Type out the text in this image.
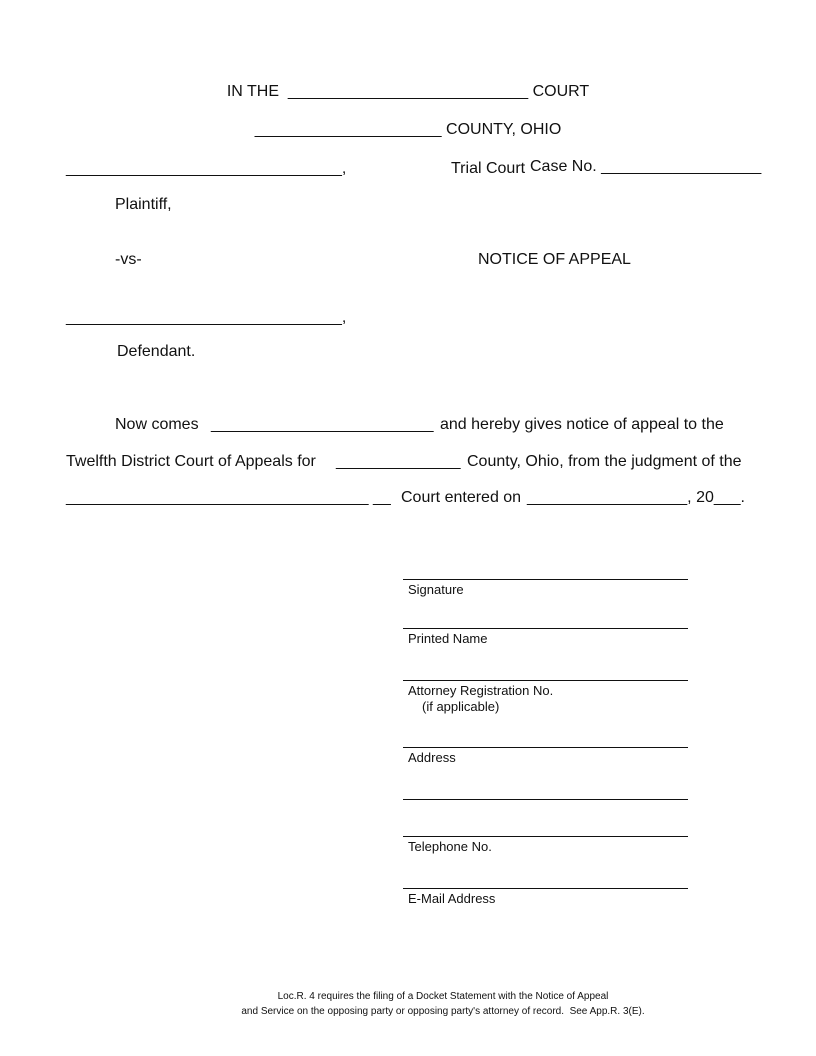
IN THE  ___________________________ COURT

_____________________ COUNTY, OHIO

_______________________________,
Plaintiff,
-vs-
_______________________________,
Defendant.
Trial Court Case No. __________________
NOTICE OF APPEAL
Now comes _________________________ and hereby gives notice of appeal to the
Twelfth District Court of Appeals for ______________ County, Ohio, from the judgment of the
__________________________________ __ Court entered on __________________, 20___.
Signature
Printed Name
Attorney Registration No.
(if applicable)
Address
Telephone No.
E-Mail Address

Loc.R. 4 requires the filing of a Docket Statement with the Notice of Appeal

and Service on the opposing party or opposing party's attorney of record.  See App.R. 3(E).
